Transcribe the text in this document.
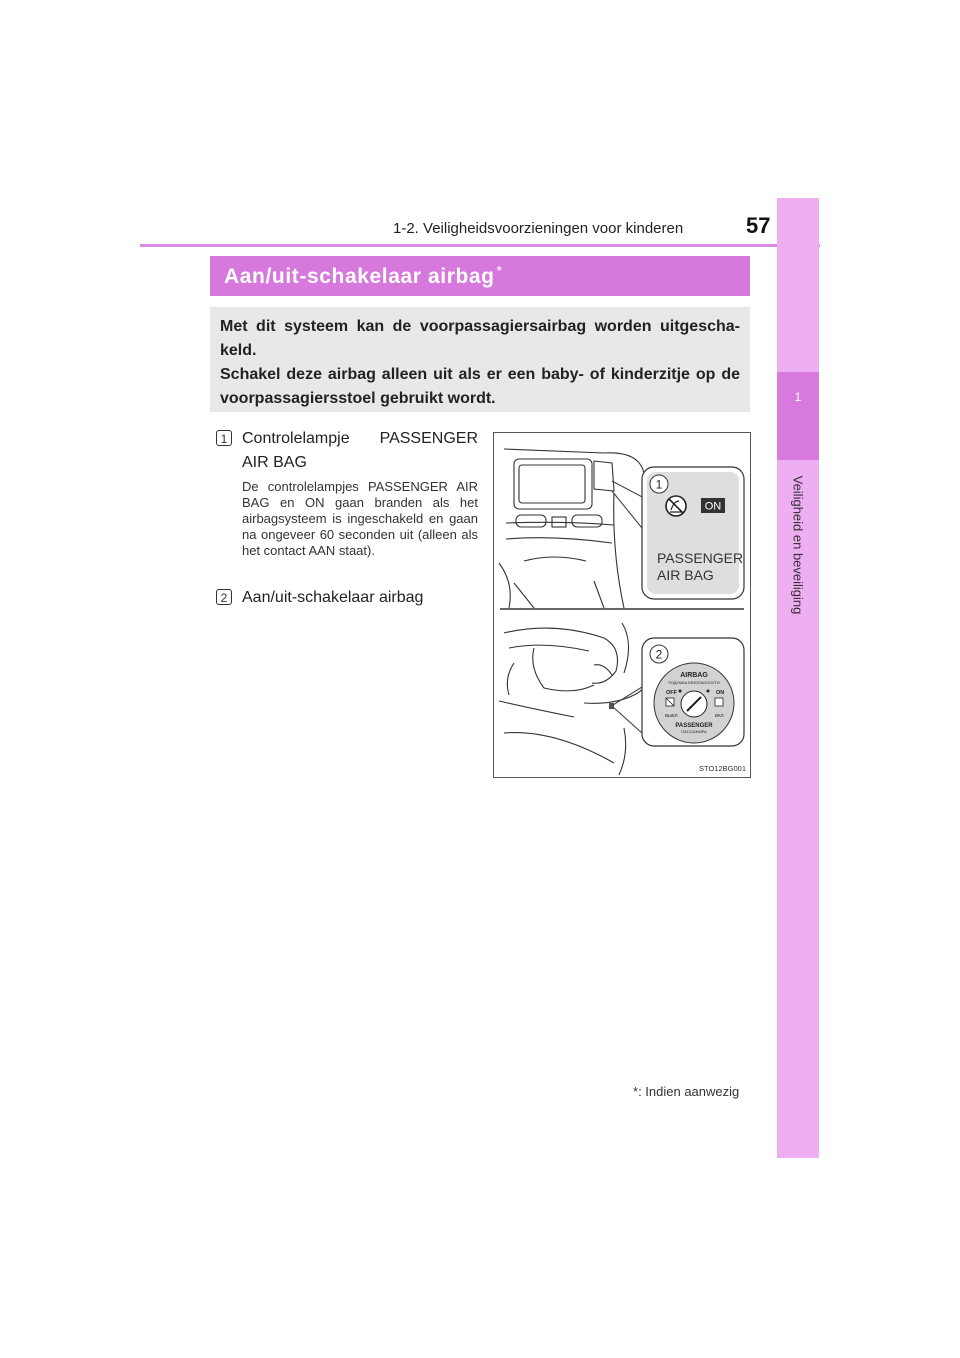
1-2. Veiligheidsvoorzieningen voor kinderen	57
1
Veiligheid en beveiliging
Aan/uit-schakelaar airbag *

Met dit systeem kan de voorpassagiersairbag worden uitgescha-keld.
Schakel deze airbag alleen uit als er een baby- of kinderzitje op de voorpassagiersstoel gebruikt wordt.

1 Controlelampje PASSENGER AIR BAG

De controlelampjes PASSENGER AIR BAG en ON gaan branden als het airbagsysteem is ingeschakeld en gaan na ongeveer 60 seconden uit (alleen als het contact AAN staat).

2 Aan/uit-schakelaar airbag

1
ON
PASSENGER
AIR BAG
2
AIRBAG
ПОДУШКА БЕЗОПАСНОСТИ
OFF	ON
ВЫКЛ	ВКЛ
PASSENGER
ПАССАЖИРА
STO12BG001
*: Indien aanwezig
